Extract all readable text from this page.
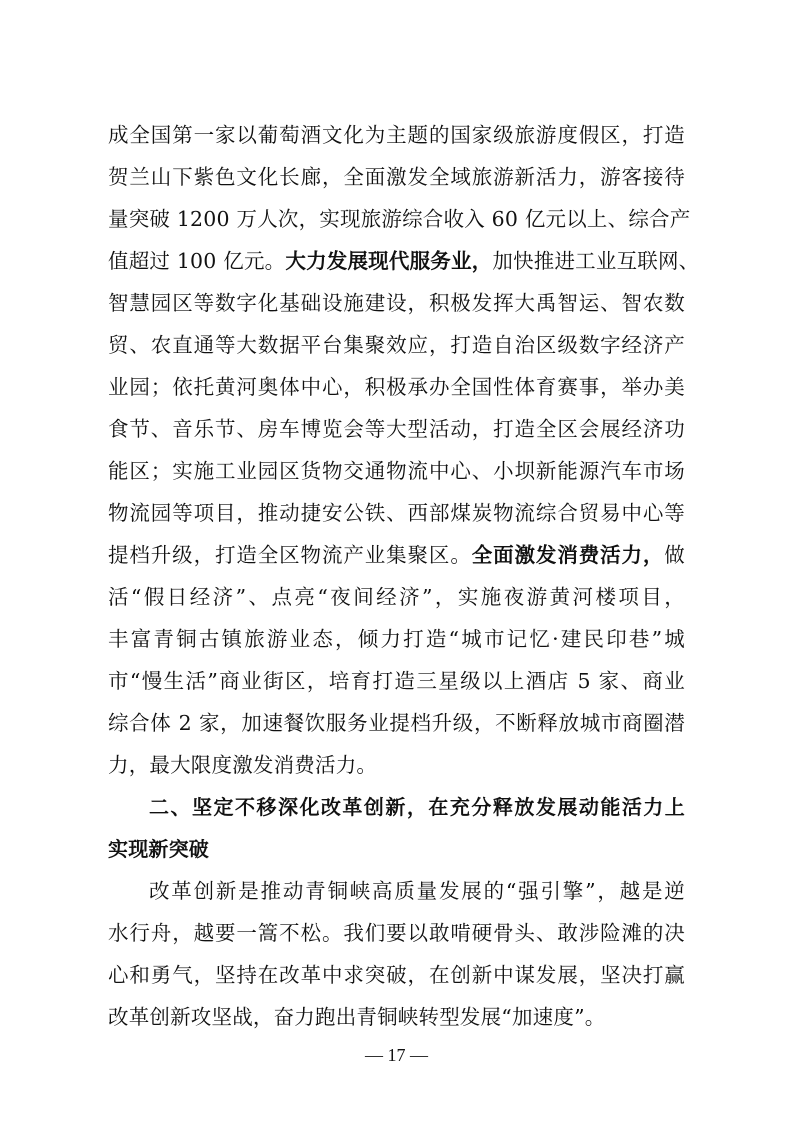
成全国第一家以葡萄酒文化为主题的国家级旅游度假区，打造
贺兰山下紫色文化长廊，全面激发全域旅游新活力，游客接待
量突破 1200 万人次，实现旅游综合收入 60 亿元以上、综合产
值超过 100 亿元。大力发展现代服务业，加快推进工业互联网、
智慧园区等数字化基础设施建设，积极发挥大禹智运、智农数
贸、农直通等大数据平台集聚效应，打造自治区级数字经济产
业园；依托黄河奥体中心，积极承办全国性体育赛事，举办美
食节、音乐节、房车博览会等大型活动，打造全区会展经济功
能区；实施工业园区货物交通物流中心、小坝新能源汽车市场
物流园等项目，推动捷安公铁、西部煤炭物流综合贸易中心等
提档升级，打造全区物流产业集聚区。全面激发消费活力，做
活“假日经济”、点亮“夜间经济”，实施夜游黄河楼项目，
丰富青铜古镇旅游业态，倾力打造“城市记忆·建民印巷”城
市“慢生活”商业街区，培育打造三星级以上酒店 5 家、商业
综合体 2 家，加速餐饮服务业提档升级，不断释放城市商圈潜
力，最大限度激发消费活力。
二、坚定不移深化改革创新，在充分释放发展动能活力上
实现新突破
改革创新是推动青铜峡高质量发展的“强引擎”，越是逆
水行舟，越要一篙不松。我们要以敢啃硬骨头、敢涉险滩的决
心和勇气，坚持在改革中求突破，在创新中谋发展，坚决打赢
改革创新攻坚战，奋力跑出青铜峡转型发展“加速度”。
— 17 —
